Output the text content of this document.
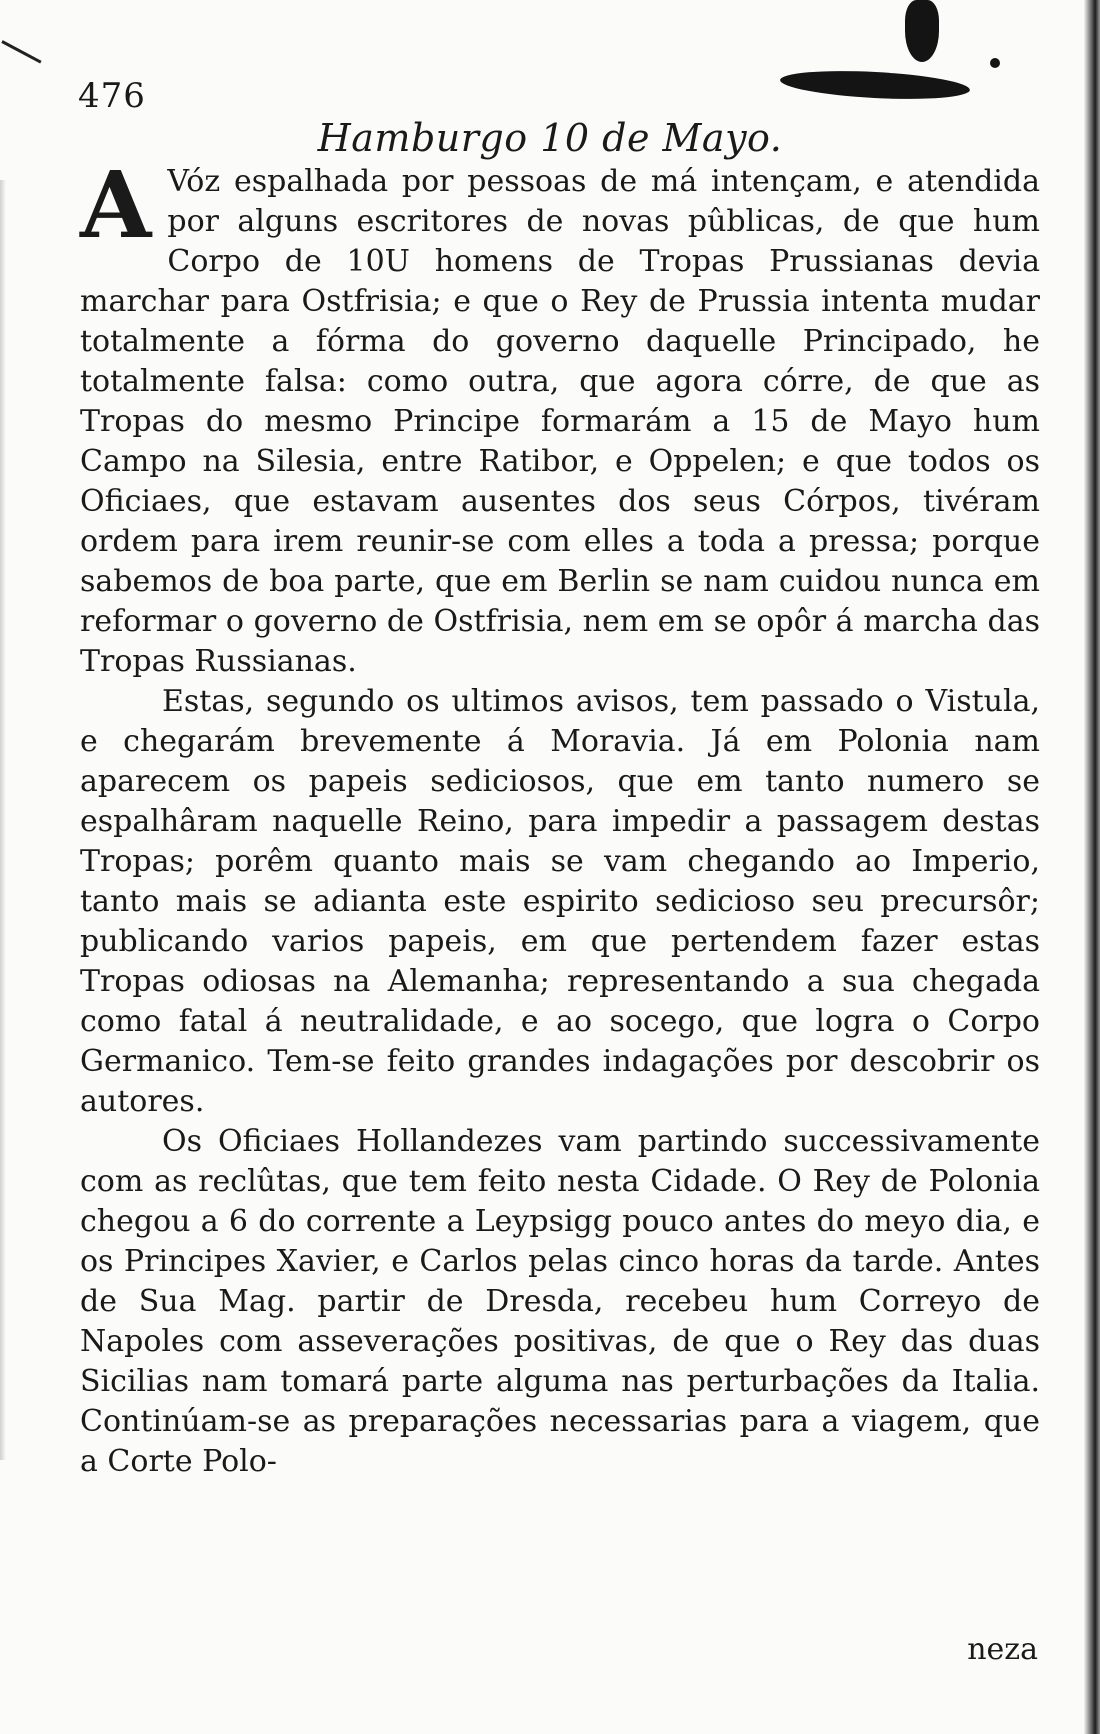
476
Hamburgo 10 de Mayo.

A Vóz espalhada por pessoas de má intençam, e atendida por alguns escritores de novas pûblicas, de que hum Corpo de 10U homens de Tropas Prussianas devia marchar para Ostfrisia; e que o Rey de Prussia intenta mudar totalmente a fórma do governo daquelle Principado, he totalmente falsa: como outra, que agora córre, de que as Tropas do mesmo Principe formarám a 15 de Mayo hum Campo na Silesia, entre Ratibor, e Oppelen; e que todos os Oficiaes, que estavam ausentes dos seus Córpos, tivéram ordem para irem reunir-se com elles a toda a pressa; porque sabemos de boa parte, que em Berlin se nam cuidou nunca em reformar o governo de Ostfrisia, nem em se opôr á marcha das Tropas Russianas.

Estas, segundo os ultimos avisos, tem passado o Vistula, e chegarám brevemente á Moravia. Já em Polonia nam aparecem os papeis sediciosos, que em tanto numero se espalhâram naquelle Reino, para impedir a passagem destas Tropas; porêm quanto mais se vam chegando ao Imperio, tanto mais se adianta este espirito sedicioso seu precursôr; publicando varios papeis, em que pertendem fazer estas Tropas odiosas na Alemanha; representando a sua chegada como fatal á neutralidade, e ao socego, que logra o Corpo Germanico. Tem-se feito grandes indagações por descobrir os autores.

Os Oficiaes Hollandezes vam partindo successivamente com as reclûtas, que tem feito nesta Cidade. O Rey de Polonia chegou a 6 do corrente a Leypsigg pouco antes do meyo dia, e os Principes Xavier, e Carlos pelas cinco horas da tarde. Antes de Sua Mag. partir de Dresda, recebeu hum Correyo de Napoles com asseverações positivas, de que o Rey das duas Sicilias nam tomará parte alguma nas perturbações da Italia. Continúam-se as preparações necessarias para a viagem, que a Corte Polo-

neza
